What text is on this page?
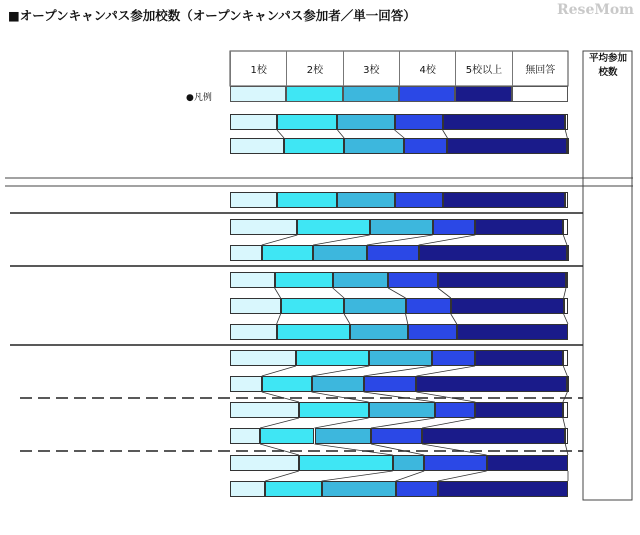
■オープンキャンパス参加校数（オープンキャンパス参加者／単一回答）	ReseMom
●凡例
平均参加校数
1校	2校	3校	4校	5校以上	無回答
